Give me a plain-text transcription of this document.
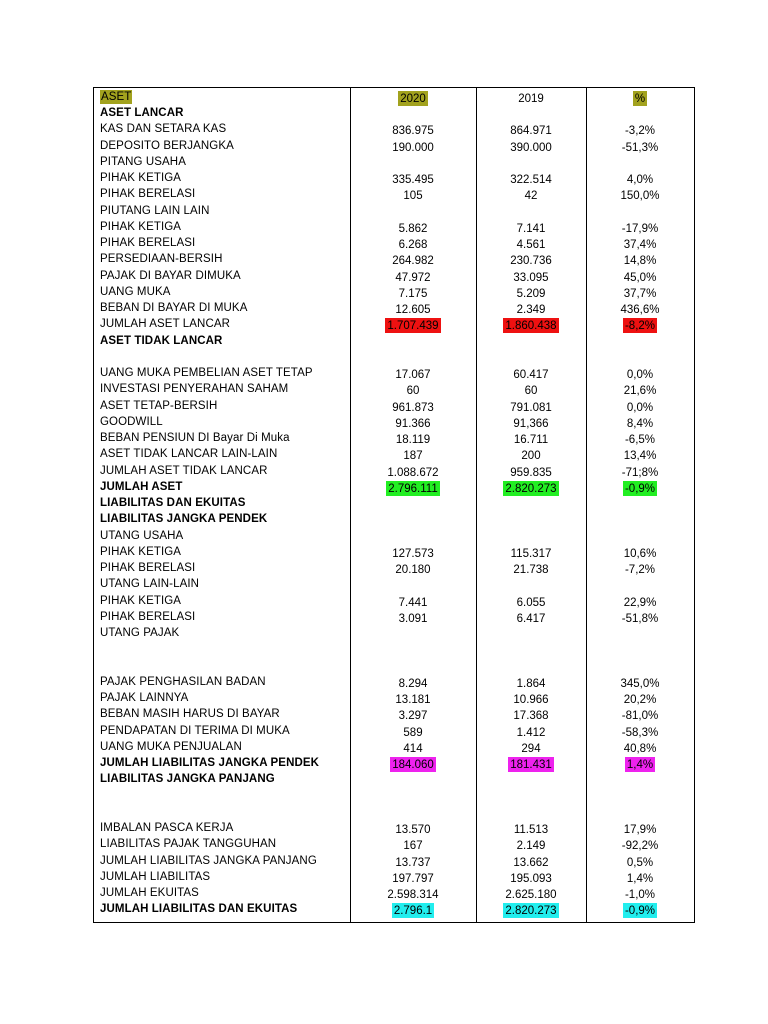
ASET	2020	2019	%
ASET LANCAR
KAS DAN SETARA KAS	836.975	864.971	-3,2%
DEPOSITO BERJANGKA	190.000	390.000	-51,3%
PITANG USAHA
PIHAK KETIGA	335.495	322.514	4,0%
PIHAK BERELASI	105	42	150,0%
PIUTANG LAIN LAIN
PIHAK KETIGA	5.862	7.141	-17,9%
PIHAK BERELASI	6.268	4.561	37,4%
PERSEDIAAN-BERSIH	264.982	230.736	14,8%
PAJAK DI BAYAR DIMUKA	47.972	33.095	45,0%
UANG MUKA	7.175	5.209	37,7%
BEBAN DI BAYAR DI MUKA	12.605	2.349	436,6%
JUMLAH ASET LANCAR	1.707.439	1.860.438	-8,2%
ASET TIDAK LANCAR
UANG MUKA PEMBELIAN ASET TETAP	17.067	60.417	0,0%
INVESTASI PENYERAHAN SAHAM	60	60	21,6%
ASET TETAP-BERSIH	961.873	791.081	0,0%
GOODWILL	91.366	91,366	8,4%
BEBAN PENSIUN DI Bayar Di Muka	18.119	16.711	-6,5%
ASET TIDAK LANCAR LAIN-LAIN	187	200	13,4%
JUMLAH ASET TIDAK LANCAR	1.088.672	959.835	-71;8%
JUMLAH ASET	2.796.111	2.820.273	-0,9%
LIABILITAS DAN EKUITAS
LIABILITAS JANGKA PENDEK
UTANG USAHA
PIHAK KETIGA	127.573	115.317	10,6%
PIHAK BERELASI	20.180	21.738	-7,2%
UTANG LAIN-LAIN
PIHAK KETIGA	7.441	6.055	22,9%
PIHAK BERELASI	3.091	6.417	-51,8%
UTANG PAJAK
PAJAK PENGHASILAN BADAN	8.294	1.864	345,0%
PAJAK LAINNYA	13.181	10.966	20,2%
BEBAN MASIH HARUS DI BAYAR	3.297	17.368	-81,0%
PENDAPATAN DI TERIMA DI MUKA	589	1.412	-58,3%
UANG MUKA PENJUALAN	414	294	40,8%
JUMLAH LIABILITAS JANGKA PENDEK	184.060	181.431	1,4%
LIABILITAS JANGKA PANJANG
IMBALAN PASCA KERJA	13.570	11.513	17,9%
LIABILITAS PAJAK TANGGUHAN	167	2.149	-92,2%
JUMLAH LIABILITAS JANGKA PANJANG	13.737	13.662	0,5%
JUMLAH LIABILITAS	197.797	195.093	1,4%
JUMLAH EKUITAS	2.598.314	2.625.180	-1,0%
JUMLAH LIABILITAS DAN EKUITAS	2.796.1	2.820.273	-0,9%
